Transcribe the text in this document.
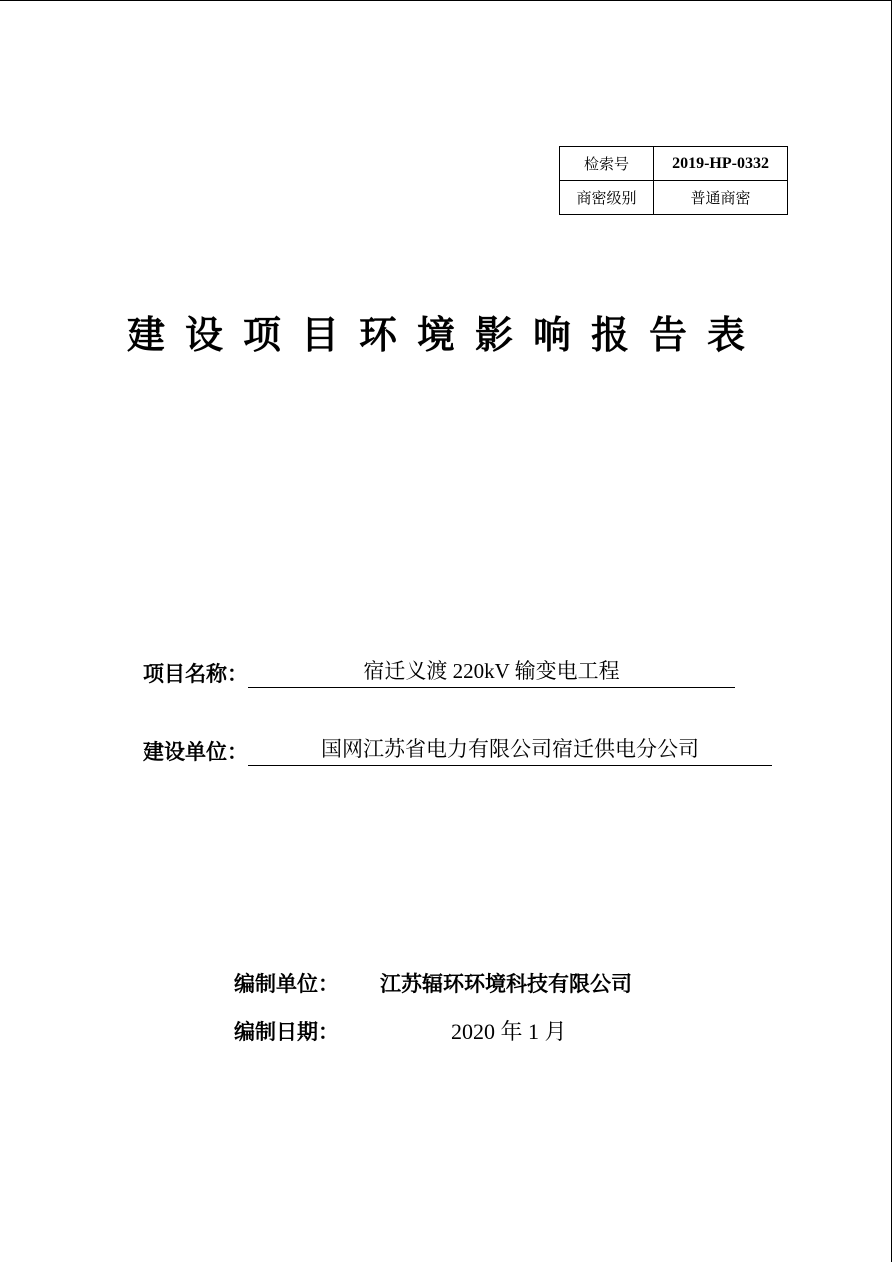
检索号	2019-HP-0332
商密级别	普通商密
建设项目环境影响报告表
项目名称：	宿迁义渡 220kV 输变电工程
建设单位：	国网江苏省电力有限公司宿迁供电分公司
编制单位： 江苏辐环环境科技有限公司
编制日期：	2020 年 1 月
